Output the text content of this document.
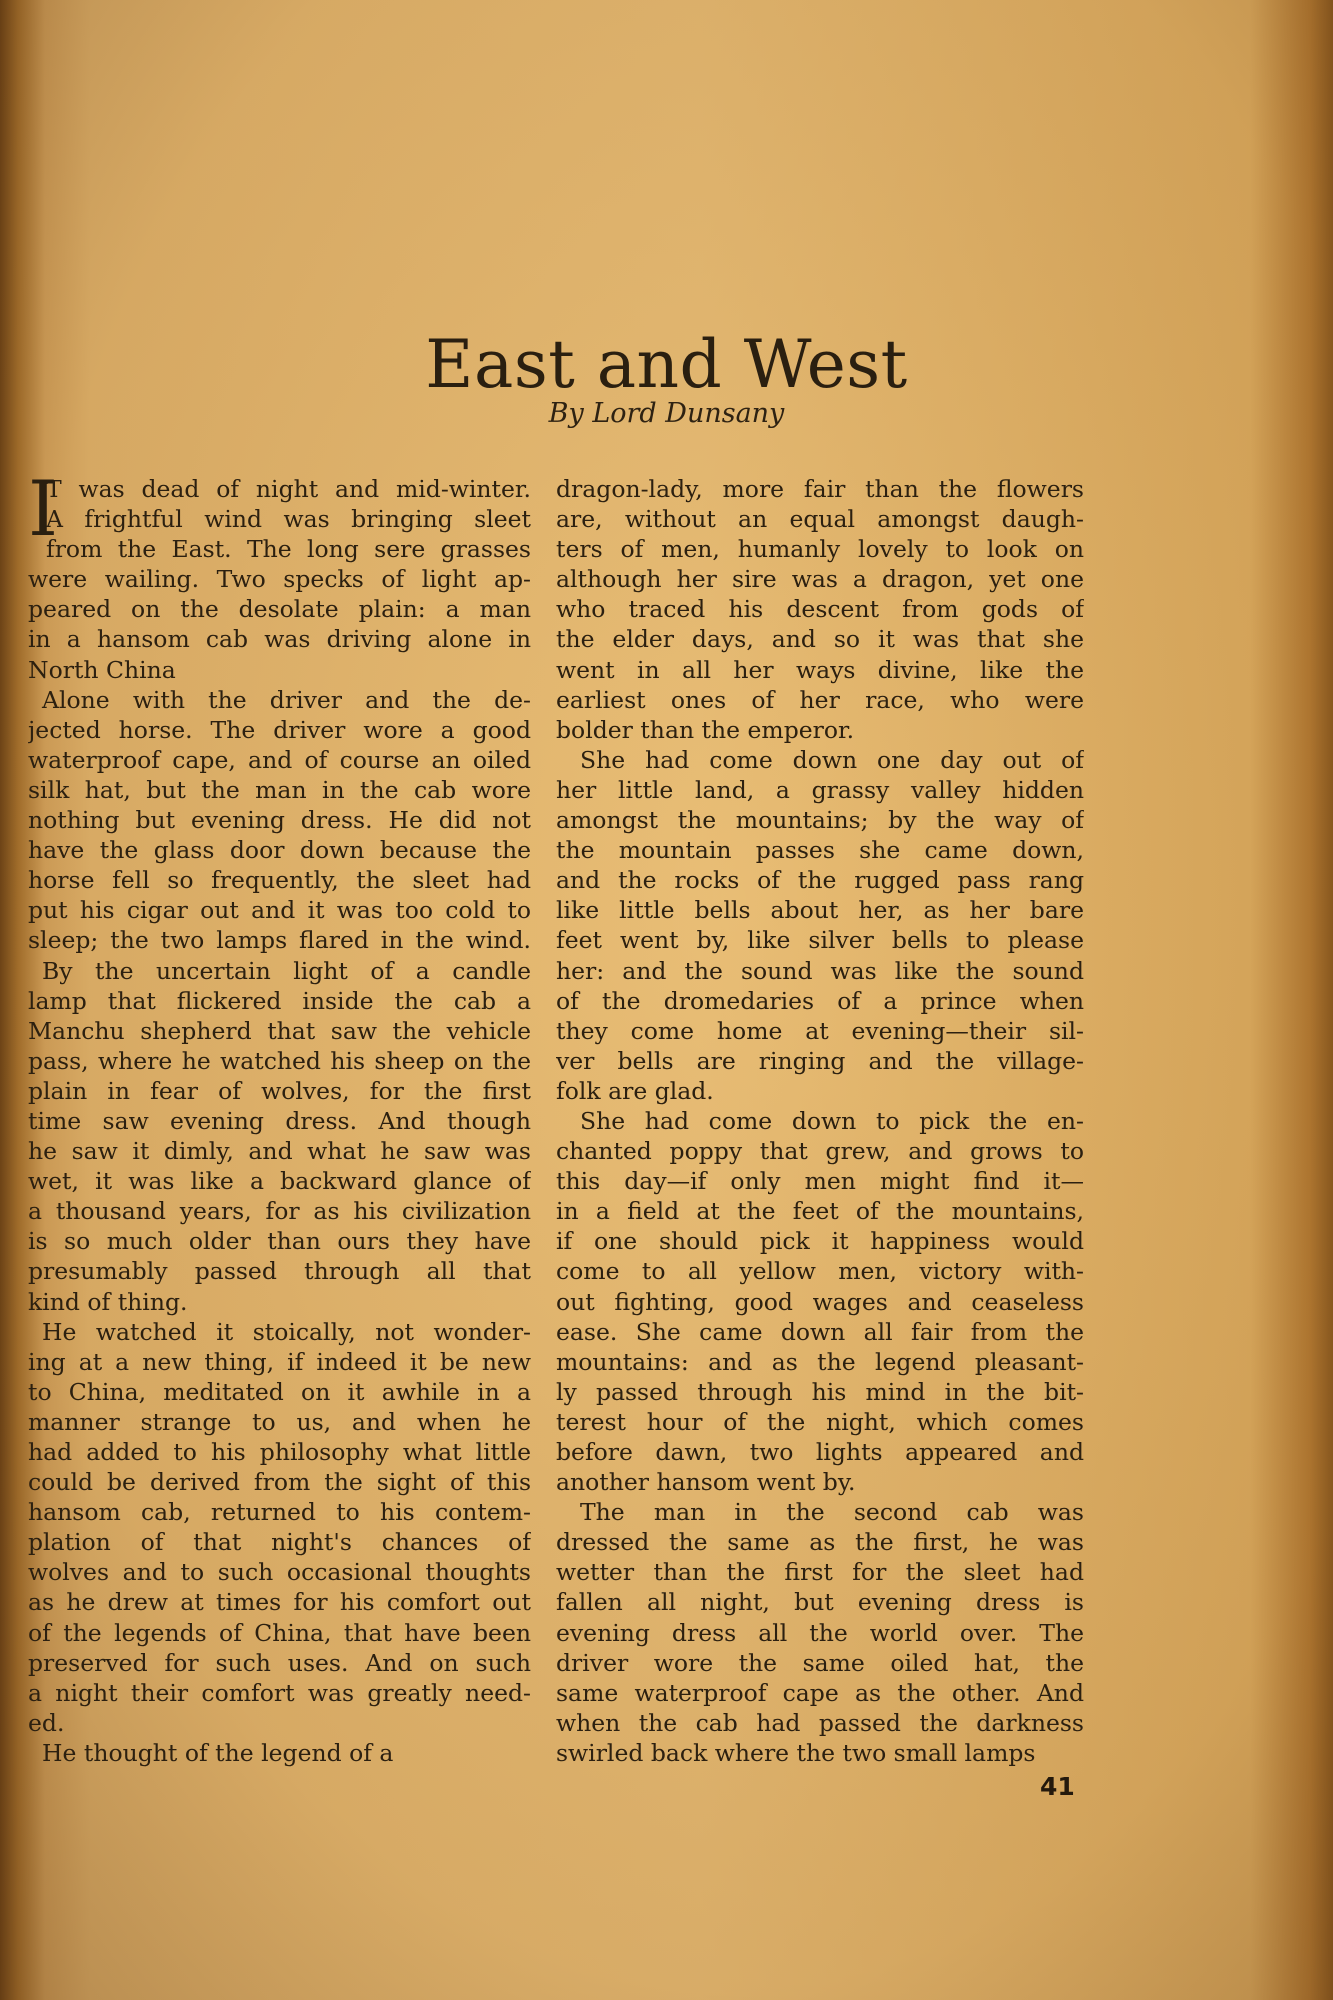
East and West
By Lord Dunsany
I
T was dead of night and mid-winter.
A frightful wind was bringing sleet
from the East. The long sere grasses
were wailing. Two specks of light ap-
peared on the desolate plain: a man
in a hansom cab was driving alone in
North China
Alone with the driver and the de-
jected horse. The driver wore a good
waterproof cape, and of course an oiled
silk hat, but the man in the cab wore
nothing but evening dress. He did not
have the glass door down because the
horse fell so frequently, the sleet had
put his cigar out and it was too cold to
sleep; the two lamps flared in the wind.
By the uncertain light of a candle
lamp that flickered inside the cab a
Manchu shepherd that saw the vehicle
pass, where he watched his sheep on the
plain in fear of wolves, for the first
time saw evening dress. And though
he saw it dimly, and what he saw was
wet, it was like a backward glance of
a thousand years, for as his civilization
is so much older than ours they have
presumably passed through all that
kind of thing.
He watched it stoically, not wonder-
ing at a new thing, if indeed it be new
to China, meditated on it awhile in a
manner strange to us, and when he
had added to his philosophy what little
could be derived from the sight of this
hansom cab, returned to his contem-
plation of that night's chances of
wolves and to such occasional thoughts
as he drew at times for his comfort out
of the legends of China, that have been
preserved for such uses. And on such
a night their comfort was greatly need-
ed.
He thought of the legend of a
dragon-lady, more fair than the flowers
are, without an equal amongst daugh-
ters of men, humanly lovely to look on
although her sire was a dragon, yet one
who traced his descent from gods of
the elder days, and so it was that she
went in all her ways divine, like the
earliest ones of her race, who were
bolder than the emperor.
She had come down one day out of
her little land, a grassy valley hidden
amongst the mountains; by the way of
the mountain passes she came down,
and the rocks of the rugged pass rang
like little bells about her, as her bare
feet went by, like silver bells to please
her: and the sound was like the sound
of the dromedaries of a prince when
they come home at evening—their sil-
ver bells are ringing and the village-
folk are glad.
She had come down to pick the en-
chanted poppy that grew, and grows to
this day—if only men might find it—
in a field at the feet of the mountains,
if one should pick it happiness would
come to all yellow men, victory with-
out fighting, good wages and ceaseless
ease. She came down all fair from the
mountains: and as the legend pleasant-
ly passed through his mind in the bit-
terest hour of the night, which comes
before dawn, two lights appeared and
another hansom went by.
The man in the second cab was
dressed the same as the first, he was
wetter than the first for the sleet had
fallen all night, but evening dress is
evening dress all the world over. The
driver wore the same oiled hat, the
same waterproof cape as the other. And
when the cab had passed the darkness
swirled back where the two small lamps
41
